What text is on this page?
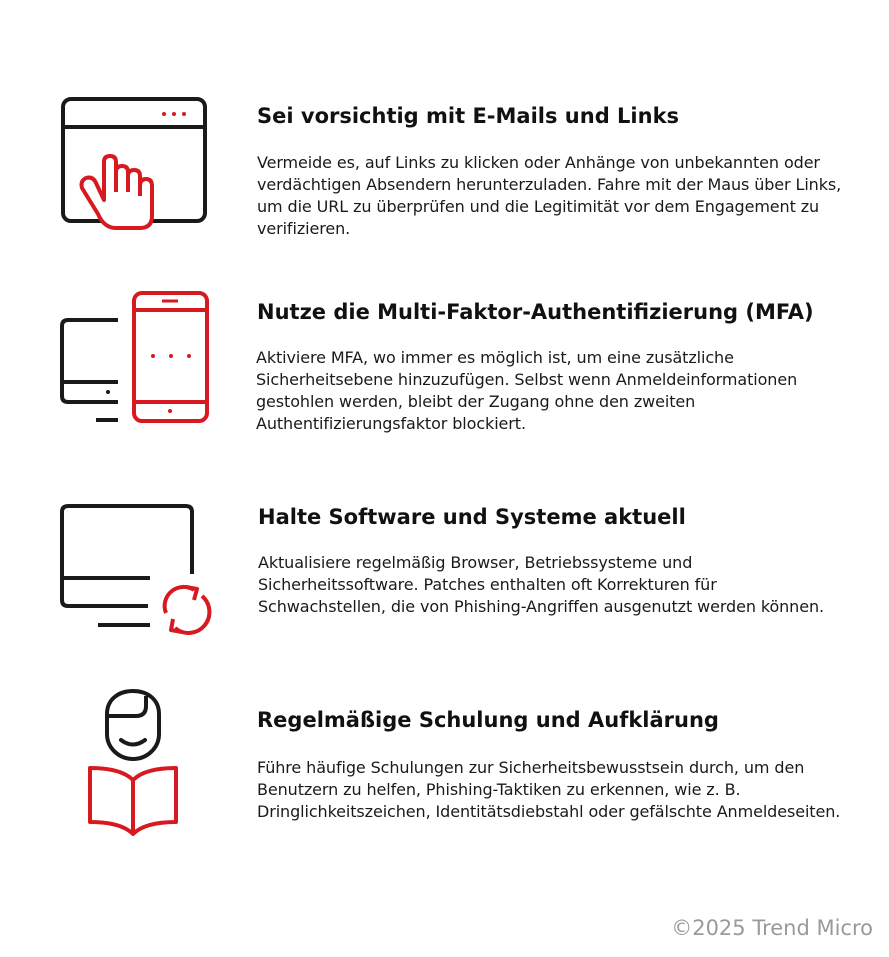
Sei vorsichtig mit E-Mails und Links

Vermeide es, auf Links zu klicken oder Anhänge von unbekannten oder verdächtigen Absendern herunterzuladen. Fahre mit der Maus über Links, um die URL zu überprüfen und die Legitimität vor dem Engagement zu verifizieren.

Nutze die Multi-Faktor-Authentifizierung (MFA)

Aktiviere MFA, wo immer es möglich ist, um eine zusätzliche Sicherheitsebene hinzuzufügen. Selbst wenn Anmeldeinformationen gestohlen werden, bleibt der Zugang ohne den zweiten Authentifizierungsfaktor blockiert.

Halte Software und Systeme aktuell

Aktualisiere regelmäßig Browser, Betriebssysteme und Sicherheitssoftware. Patches enthalten oft Korrekturen für Schwachstellen, die von Phishing-Angriffen ausgenutzt werden können.

Regelmäßige Schulung und Aufklärung

Führe häufige Schulungen zur Sicherheitsbewusstsein durch, um den Benutzern zu helfen, Phishing-Taktiken zu erkennen, wie z. B. Dringlichkeitszeichen, Identitätsdiebstahl oder gefälschte Anmeldeseiten.

©2025 Trend Micro
